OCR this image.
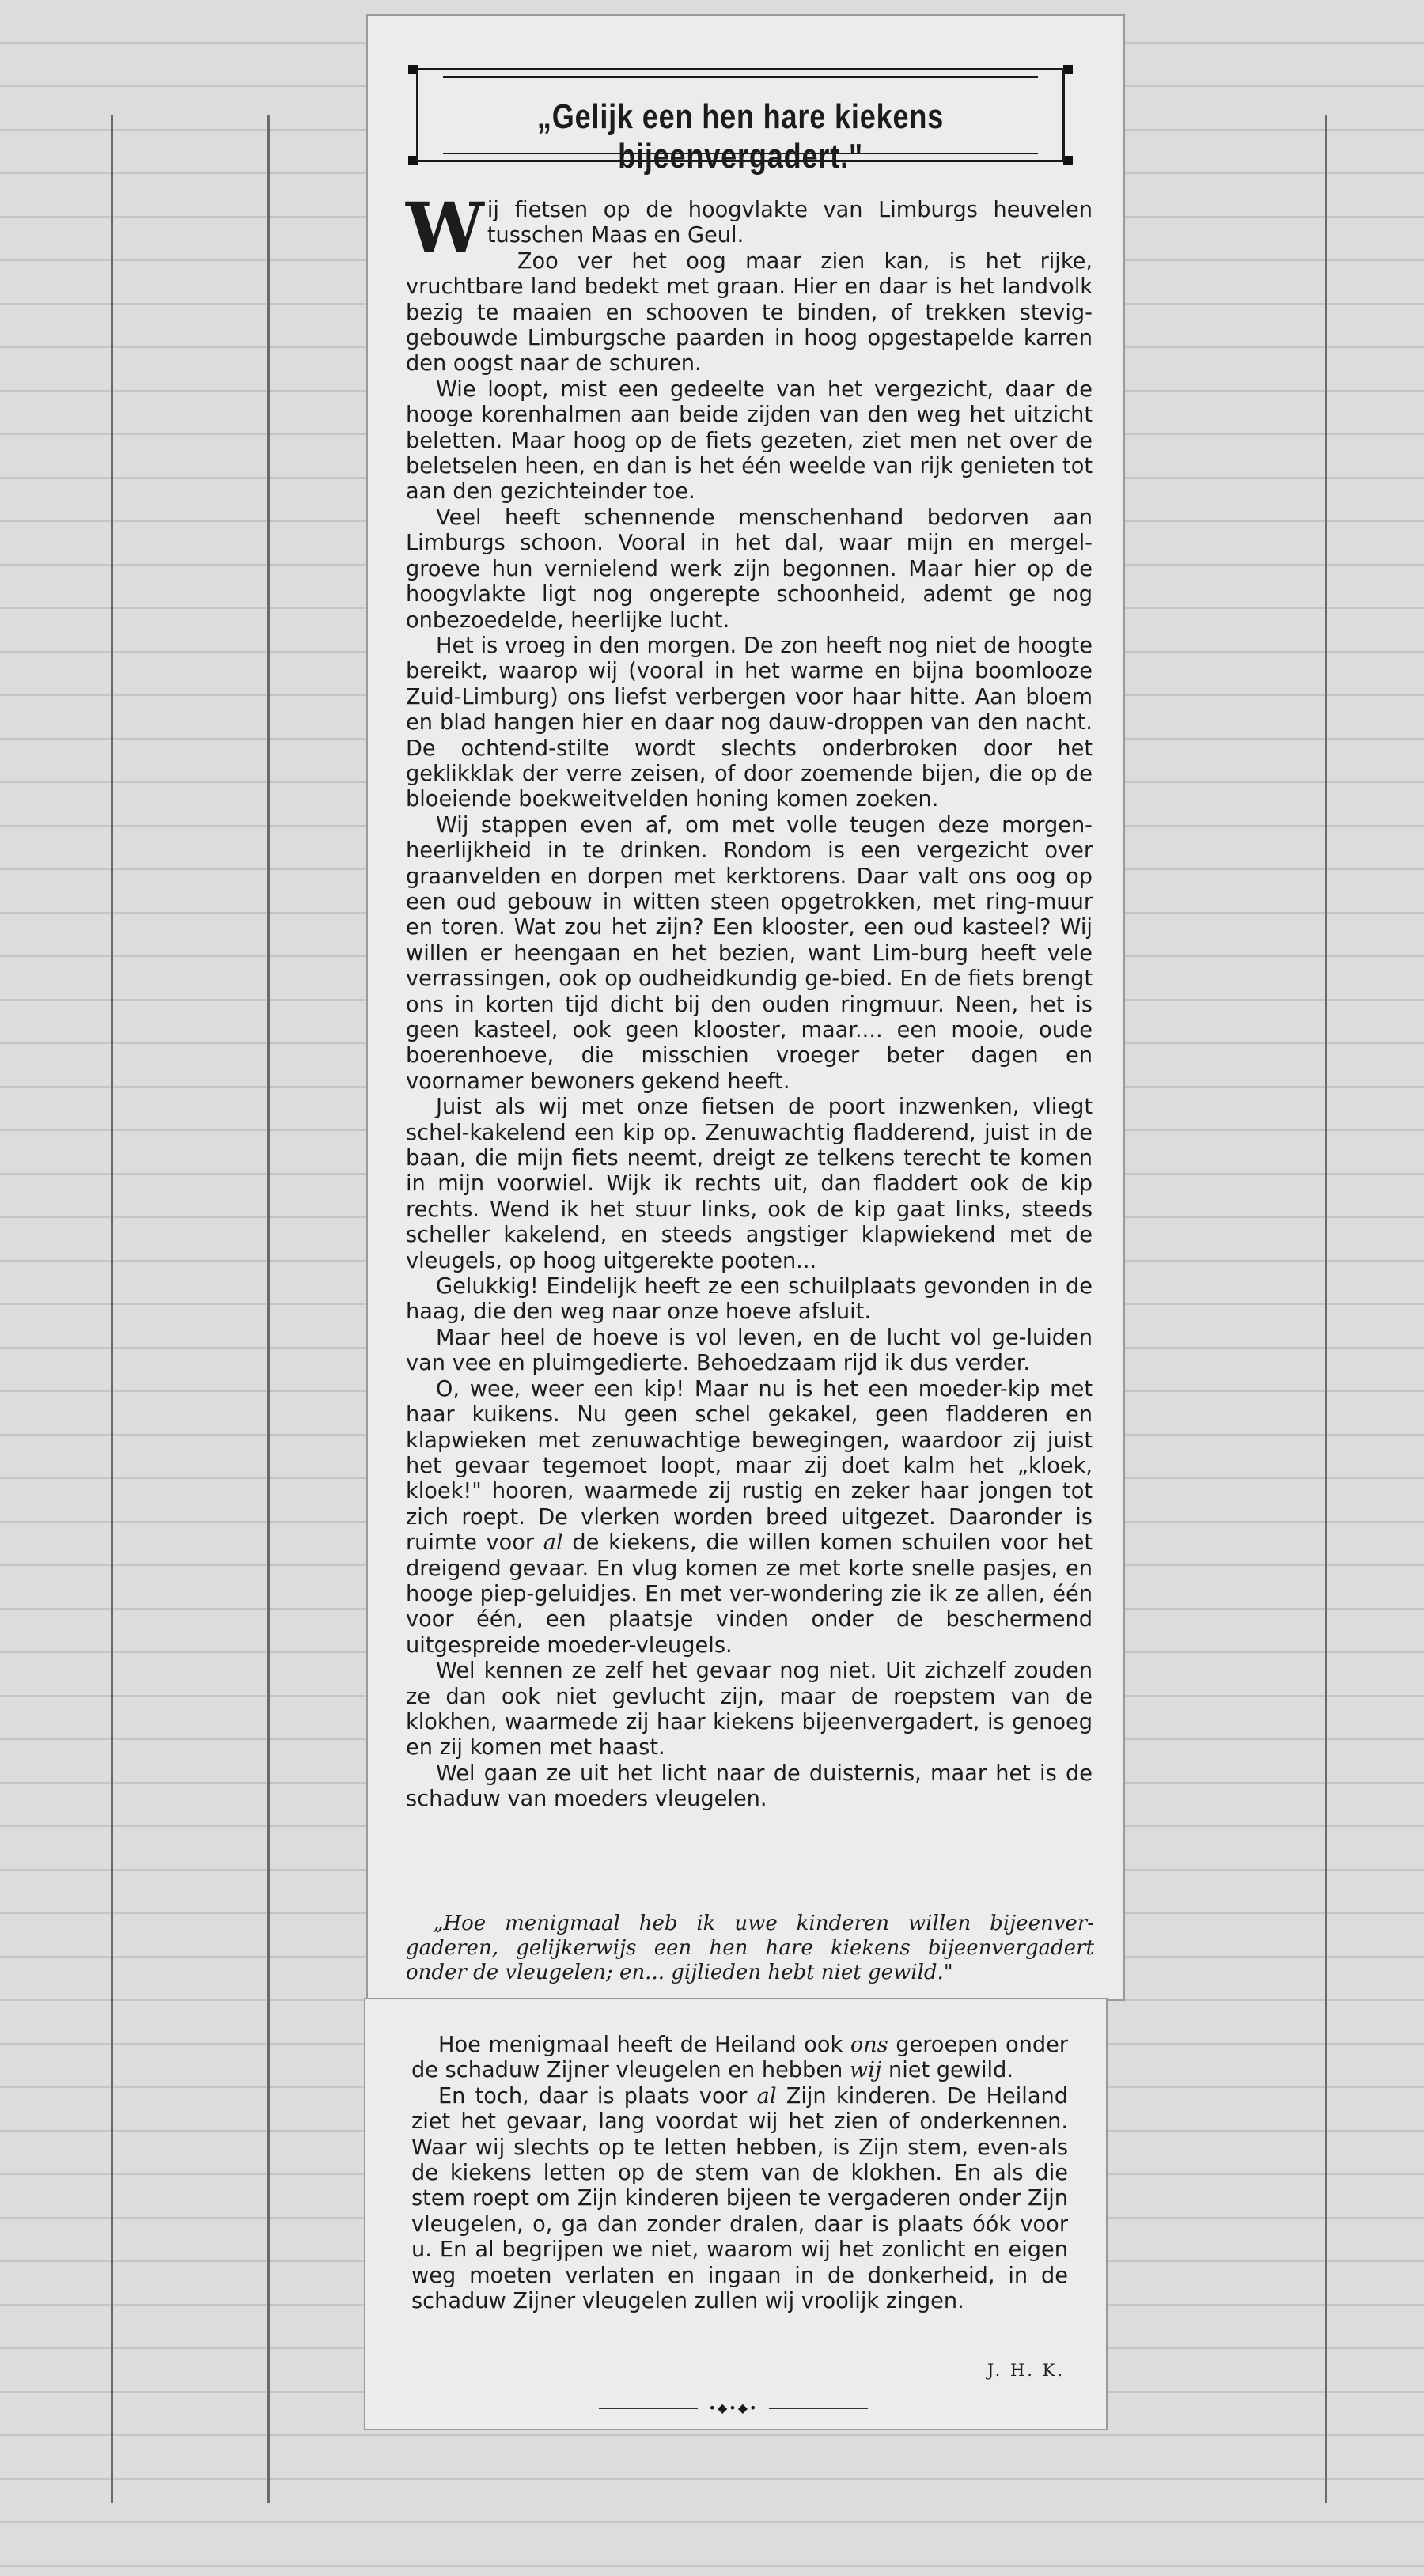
„Gelijk een hen hare kiekens bijeenvergadert."

Wij fietsen op de hoogvlakte van Limburgs heuvelen tusschen Maas en Geul.

Zoo ver het oog maar zien kan, is het rijke, vruchtbare land bedekt met graan. Hier en daar is het landvolk bezig te maaien en schooven te binden, of trekken stevig-gebouwde Limburgsche paarden in hoog opgestapelde karren den oogst naar de schuren.

Wie loopt, mist een gedeelte van het vergezicht, daar de hooge korenhalmen aan beide zijden van den weg het uitzicht beletten. Maar hoog op de fiets gezeten, ziet men net over de beletselen heen, en dan is het één weelde van rijk genieten tot aan den gezichteinder toe.

Veel heeft schennende menschenhand bedorven aan Limburgs schoon. Vooral in het dal, waar mijn en mergel-groeve hun vernielend werk zijn begonnen. Maar hier op de hoogvlakte ligt nog ongerepte schoonheid, ademt ge nog onbezoedelde, heerlijke lucht.

Het is vroeg in den morgen. De zon heeft nog niet de hoogte bereikt, waarop wij (vooral in het warme en bijna boomlooze Zuid-Limburg) ons liefst verbergen voor haar hitte. Aan bloem en blad hangen hier en daar nog dauw-droppen van den nacht. De ochtend-stilte wordt slechts onderbroken door het geklikklak der verre zeisen, of door zoemende bijen, die op de bloeiende boekweitvelden honing komen zoeken.

Wij stappen even af, om met volle teugen deze morgen-heerlijkheid in te drinken. Rondom is een vergezicht over graanvelden en dorpen met kerktorens. Daar valt ons oog op een oud gebouw in witten steen opgetrokken, met ring-muur en toren. Wat zou het zijn? Een klooster, een oud kasteel? Wij willen er heengaan en het bezien, want Lim-burg heeft vele verrassingen, ook op oudheidkundig ge-bied. En de fiets brengt ons in korten tijd dicht bij den ouden ringmuur. Neen, het is geen kasteel, ook geen klooster, maar.... een mooie, oude boerenhoeve, die misschien vroeger beter dagen en voornamer bewoners gekend heeft.

Juist als wij met onze fietsen de poort inzwenken, vliegt schel-kakelend een kip op. Zenuwachtig fladderend, juist in de baan, die mijn fiets neemt, dreigt ze telkens terecht te komen in mijn voorwiel. Wijk ik rechts uit, dan fladdert ook de kip rechts. Wend ik het stuur links, ook de kip gaat links, steeds scheller kakelend, en steeds angstiger klapwiekend met de vleugels, op hoog uitgerekte pooten...

Gelukkig! Eindelijk heeft ze een schuilplaats gevonden in de haag, die den weg naar onze hoeve afsluit.

Maar heel de hoeve is vol leven, en de lucht vol ge-luiden van vee en pluimgedierte. Behoedzaam rijd ik dus verder.

O, wee, weer een kip! Maar nu is het een moeder-kip met haar kuikens. Nu geen schel gekakel, geen fladderen en klapwieken met zenuwachtige bewegingen, waardoor zij juist het gevaar tegemoet loopt, maar zij doet kalm het „kloek, kloek!" hooren, waarmede zij rustig en zeker haar jongen tot zich roept. De vlerken worden breed uitgezet. Daaronder is ruimte voor al de kiekens, die willen komen schuilen voor het dreigend gevaar. En vlug komen ze met korte snelle pasjes, en hooge piep-geluidjes. En met ver-wondering zie ik ze allen, één voor één, een plaatsje vinden onder de beschermend uitgespreide moeder-vleugels.

Wel kennen ze zelf het gevaar nog niet. Uit zichzelf zouden ze dan ook niet gevlucht zijn, maar de roepstem van de klokhen, waarmede zij haar kiekens bijeenvergadert, is genoeg en zij komen met haast.

Wel gaan ze uit het licht naar de duisternis, maar het is de schaduw van moeders vleugelen.

„Hoe menigmaal heb ik uwe kinderen willen bijeenver-gaderen, gelijkerwijs een hen hare kiekens bijeenvergadert onder de vleugelen; en... gijlieden hebt niet gewild."

Hoe menigmaal heeft de Heiland ook ons geroepen onder de schaduw Zijner vleugelen en hebben wij niet gewild.

En toch, daar is plaats voor al Zijn kinderen. De Heiland ziet het gevaar, lang voordat wij het zien of onderkennen. Waar wij slechts op te letten hebben, is Zijn stem, even-als de kiekens letten op de stem van de klokhen. En als die stem roept om Zijn kinderen bijeen te vergaderen onder Zijn vleugelen, o, ga dan zonder dralen, daar is plaats óók voor u. En al begrijpen we niet, waarom wij het zonlicht en eigen weg moeten verlaten en ingaan in de donkerheid, in de schaduw Zijner vleugelen zullen wij vroolijk zingen.

J. H. K.
•◆•◆•
